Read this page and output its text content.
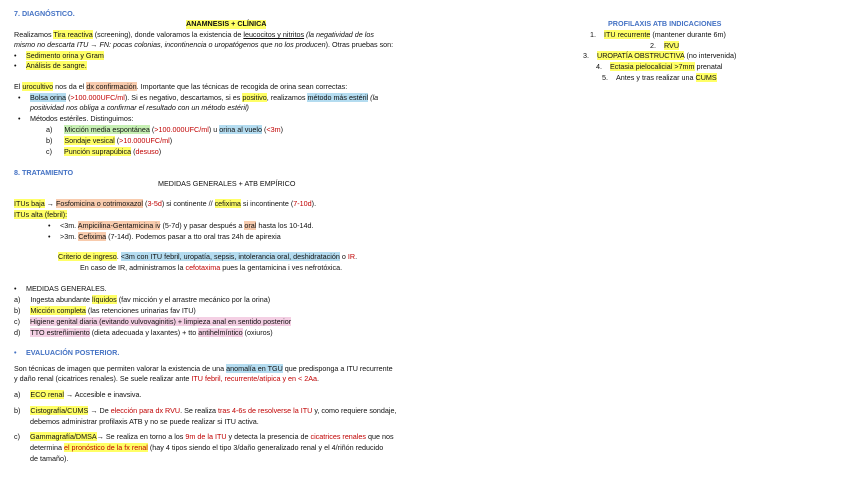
7. DIAGNÓSTICO.
ANAMNESIS + CLÍNICA
Realizamos Tira reactiva (screening), donde valoramos la existencia de leucocitos y nitritos (la negatividad de los
mismo no descarta ITU → FN: pocas colonias, incontinencia o uropatógenos que no los producen). Otras pruebas son:
• Sedimento orina y Gram
• Análisis de sangre.
El urocultivo nos da el dx confirmación. Importante que las técnicas de recogida de orina sean correctas:
• Bolsa orina (>100.000UFC/ml). Si es negativo, descartamos, si es positivo, realizamos método más estéril (la
positividad nos obliga a confirmar el resultado con un método estéril)
• Métodos estériles. Distinguimos:
a) Micción media espontánea (>100.000UFC/ml) u orina al vuelo (<3m)
b) Sondaje vesical (>10.000UFC/ml)
c) Punción suprapúbica (desuso)
8. TRATAMIENTO
MEDIDAS GENERALES + ATB EMPÍRICO
ITUs baja → Fosfomicina o cotrimoxazol (3-5d) si continente // cefixima si incontinente (7-10d).
ITUs alta (febril):
• <3m. Ampicilina-Gentamicina iv (5-7d) y pasar después a oral hasta los 10-14d.
• >3m. Cefixima (7-14d). Podemos pasar a tto oral tras 24h de apirexia
Criterio de ingreso. <3m con ITU febril, uropatía, sepsis, intolerancia oral, deshidratación o IR.
En caso de IR, administramos la cefotaxima pues la gentamicina i ves nefrotóxica.
• MEDIDAS GENERALES.
a) Ingesta abundante líquidos (fav micción y el arrastre mecánico por la orina)
b) Micción completa (las retenciones urinarias fav ITU)
c) Higiene genital diaria (evitando vulvovaginitis) + limpieza anal en sentido posterior
d) TTO estreñimiento (dieta adecuada y laxantes) + tto antihelmíntico (oxiuros)
• EVALUACIÓN POSTERIOR.
Son técnicas de imagen que permiten valorar la existencia de una anomalía en TGU que predisponga a ITU recurrente
y daño renal (cicatrices renales). Se suele realizar ante ITU febril, recurrente/atípica y en < 2Aa.
a) ECO renal → Accesible e inavsiva.
b) Cistografía/CUMS → De elección para dx RVU. Se realiza tras 4-6s de resolverse la ITU y, como requiere sondaje,
debemos administrar profilaxis ATB y no se puede realizar si ITU activa.
c) Gammagrafía/DMSA→ Se realiza en torno a los 9m de la ITU y detecta la presencia de cicatrices renales que nos
determina el pronóstico de la fx renal (hay 4 tipos siendo el tipo 3/daño generalizado renal y el 4/riñón reducido
de tamaño).
PROFILAXIS ATB INDICACIONES
1. ITU recurrente (mantener durante 6m)
2. RVU
3. UROPATÍA OBSTRUCTIVA (no intervenida)
4. Ectasia pielocalicial >7mm prenatal
5. Antes y tras realizar una CUMS
